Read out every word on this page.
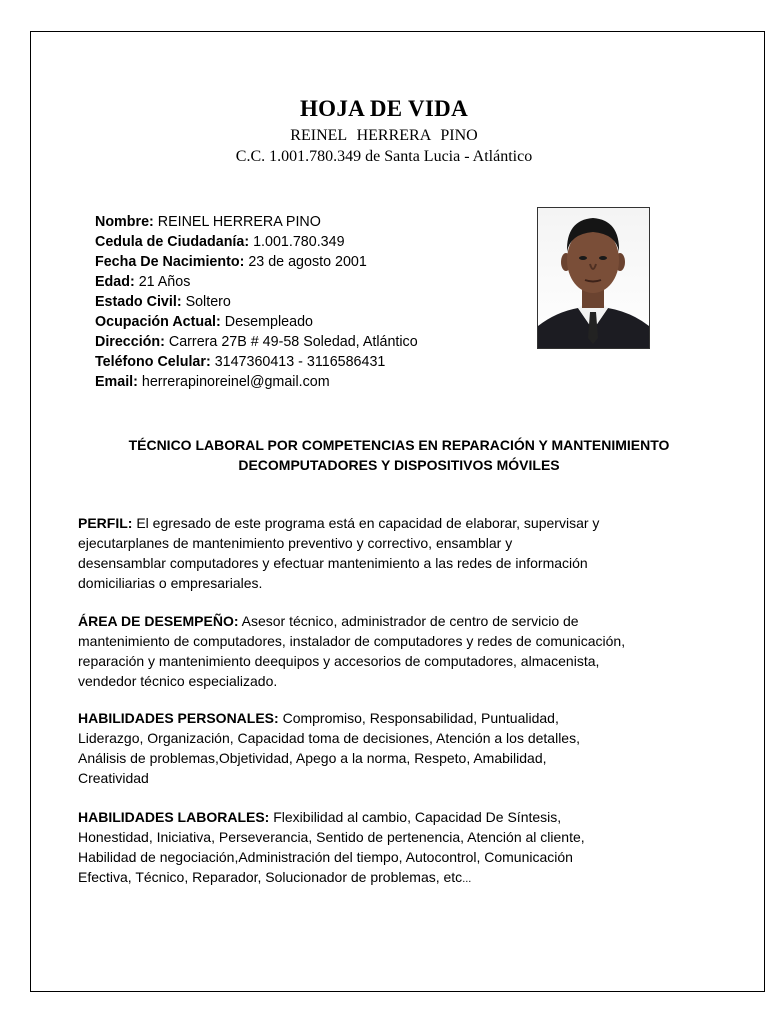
HOJA DE VIDA
REINEL HERRERA PINO
C.C. 1.001.780.349 de Santa Lucia - Atlántico
Nombre: REINEL HERRERA PINO
Cedula de Ciudadanía: 1.001.780.349
Fecha De Nacimiento: 23 de agosto 2001
Edad: 21 Años
Estado Civil: Soltero
Ocupación Actual: Desempleado
Dirección: Carrera 27B # 49-58 Soledad, Atlántico
Teléfono Celular: 3147360413 - 3116586431
Email: herrerapinoreinel@gmail.com
TÉCNICO LABORAL POR COMPETENCIAS EN REPARACIÓN Y MANTENIMIENTO
DECOMPUTADORES Y DISPOSITIVOS MÓVILES
PERFIL: El egresado de este programa está en capacidad de elaborar, supervisar y
ejecutarplanes de mantenimiento preventivo y correctivo, ensamblar y
desensamblar computadores y efectuar mantenimiento a las redes de información
domiciliarias o empresariales.
ÁREA DE DESEMPEÑO: Asesor técnico, administrador de centro de servicio de
mantenimiento de computadores, instalador de computadores y redes de comunicación,
reparación y mantenimiento deequipos y accesorios de computadores, almacenista,
vendedor técnico especializado.
HABILIDADES PERSONALES: Compromiso, Responsabilidad, Puntualidad,
Liderazgo, Organización, Capacidad toma de decisiones, Atención a los detalles,
Análisis de problemas,Objetividad, Apego a la norma, Respeto, Amabilidad,
Creatividad
HABILIDADES LABORALES: Flexibilidad al cambio, Capacidad De Síntesis,
Honestidad, Iniciativa, Perseverancia, Sentido de pertenencia, Atención al cliente,
Habilidad de negociación,Administración del tiempo, Autocontrol, Comunicación
Efectiva, Técnico, Reparador, Solucionador de problemas, etc ...
